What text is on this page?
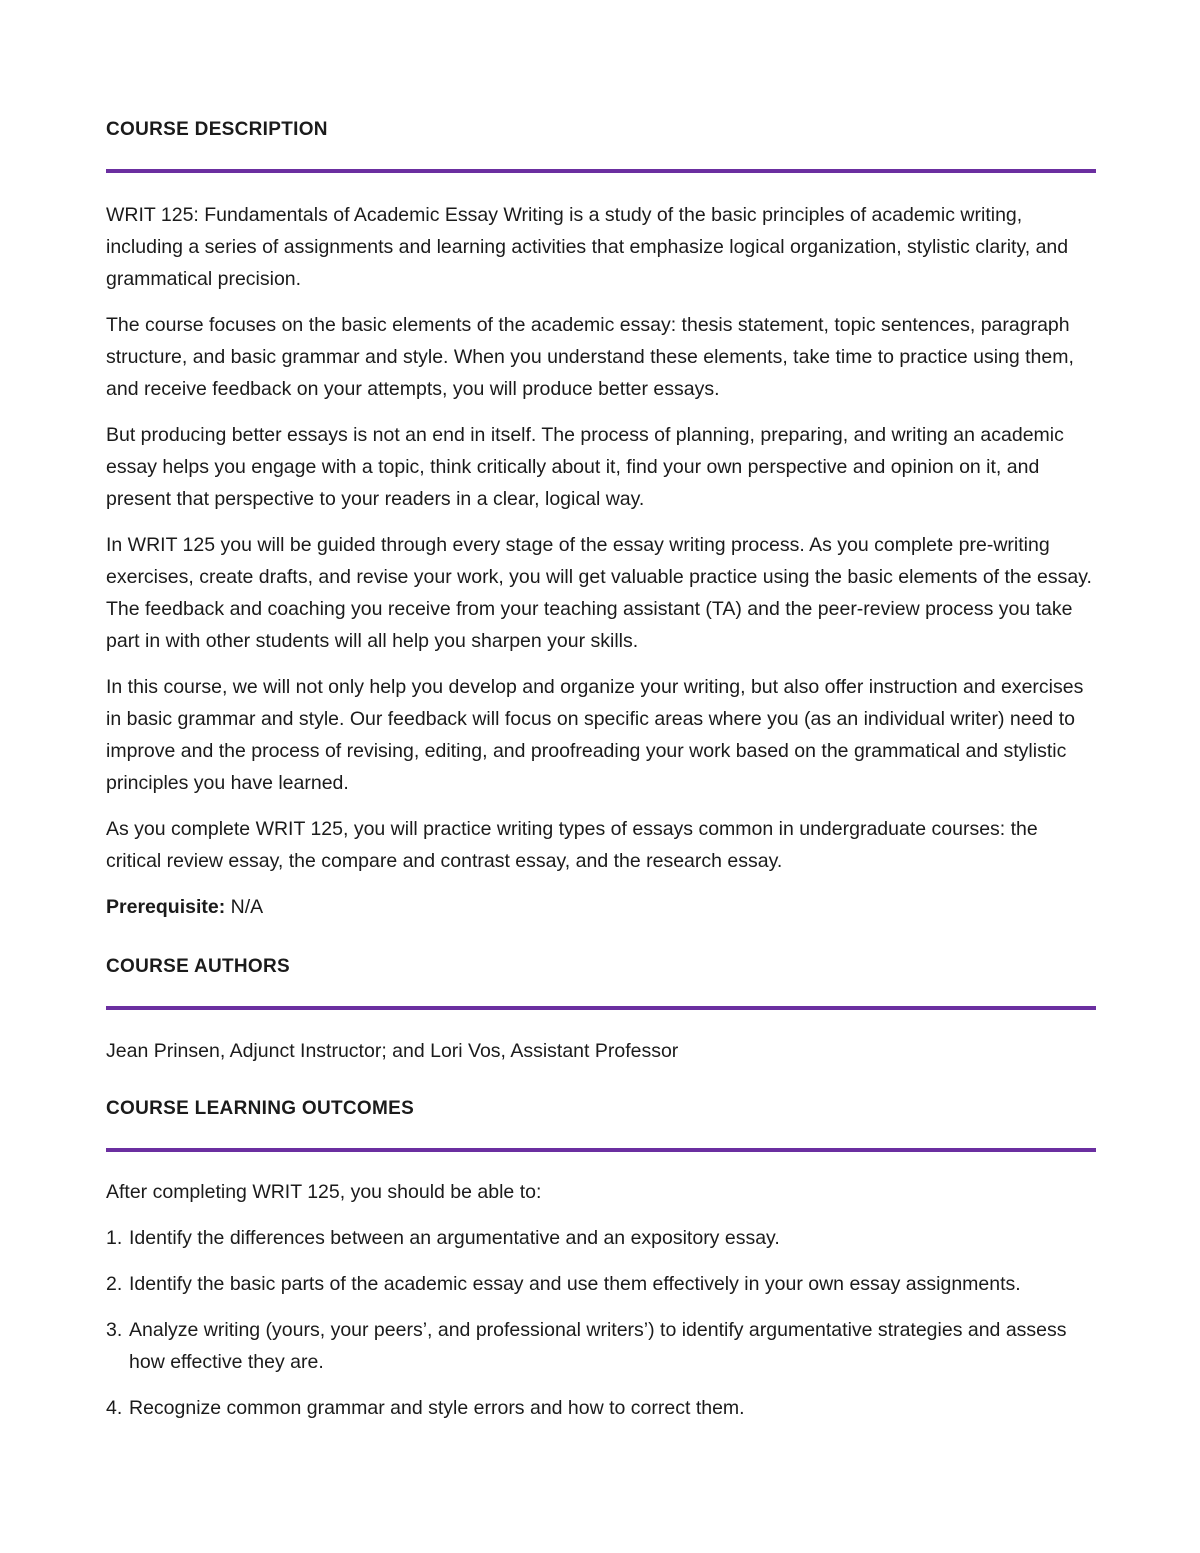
COURSE DESCRIPTION

WRIT 125: Fundamentals of Academic Essay Writing is a study of the basic principles of academic writing, including a series of assignments and learning activities that emphasize logical organization, stylistic clarity, and grammatical precision.

The course focuses on the basic elements of the academic essay: thesis statement, topic sentences, paragraph structure, and basic grammar and style. When you understand these elements, take time to practice using them, and receive feedback on your attempts, you will produce better essays.

But producing better essays is not an end in itself. The process of planning, preparing, and writing an academic essay helps you engage with a topic, think critically about it, find your own perspective and opinion on it, and present that perspective to your readers in a clear, logical way.

In WRIT 125 you will be guided through every stage of the essay writing process. As you complete pre-writing exercises, create drafts, and revise your work, you will get valuable practice using the basic elements of the essay. The feedback and coaching you receive from your teaching assistant (TA) and the peer-review process you take part in with other students will all help you sharpen your skills.

In this course, we will not only help you develop and organize your writing, but also offer instruction and exercises in basic grammar and style. Our feedback will focus on specific areas where you (as an individual writer) need to improve and the process of revising, editing, and proofreading your work based on the grammatical and stylistic principles you have learned.

As you complete WRIT 125, you will practice writing types of essays common in undergraduate courses: the critical review essay, the compare and contrast essay, and the research essay.

Prerequisite: N/A

COURSE AUTHORS

Jean Prinsen, Adjunct Instructor; and Lori Vos, Assistant Professor

COURSE LEARNING OUTCOMES

After completing WRIT 125, you should be able to:

1. Identify the differences between an argumentative and an expository essay.
2. Identify the basic parts of the academic essay and use them effectively in your own essay assignments.
3. Analyze writing (yours, your peers’, and professional writers’) to identify argumentative strategies and assess how effective they are.
4. Recognize common grammar and style errors and how to correct them.
